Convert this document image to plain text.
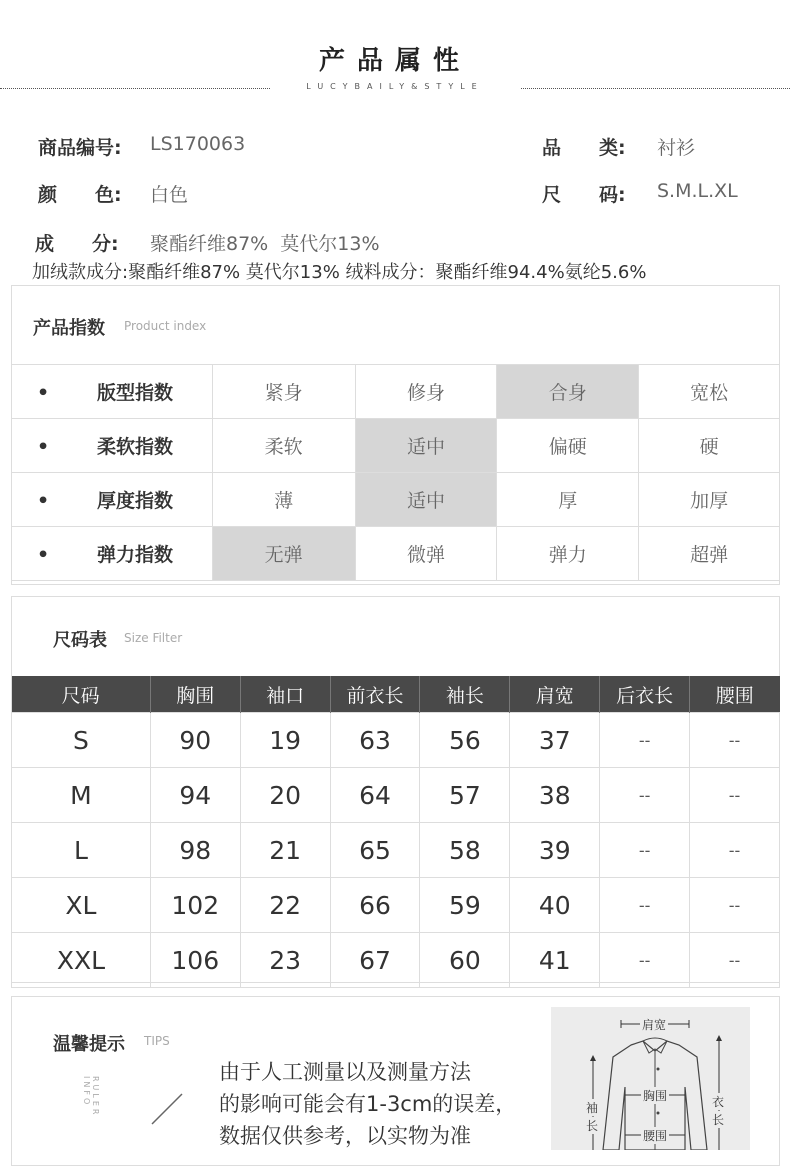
产品属性
LUCYBAILY&STYLE
商品编号: LS170063	品　　类: 衬衫
颜　　色: 白色	尺　　码: S.M.L.XL
成　　分: 聚酯纤维87%  莫代尔13%
加绒款成分:聚酯纤维87% 莫代尔13% 绒料成分：聚酯纤维94.4%氨纶5.6%
产品指数 Product index
• 版型指数	紧身	修身	合身	宽松
• 柔软指数	柔软	适中	偏硬	硬
• 厚度指数	薄	适中	厚	加厚
• 弹力指数	无弹	微弹	弹力	超弹
尺码表 Size Filter
尺码	胸围	袖口	前衣长	袖长	肩宽	后衣长	腰围
S	90	19	63	56	37	--	--
M	94	20	64	57	38	--	--
L	98	21	65	58	39	--	--
XL	102	22	66	59	40	--	--
XXL	106	23	67	60	41	--	--
温馨提示 TIPS
RULER INFO
由于人工测量以及测量方法
的影响可能会有1-3cm的误差，
数据仅供参考，以实物为准
肩宽
胸围
腰围
袖
长
衣
长
